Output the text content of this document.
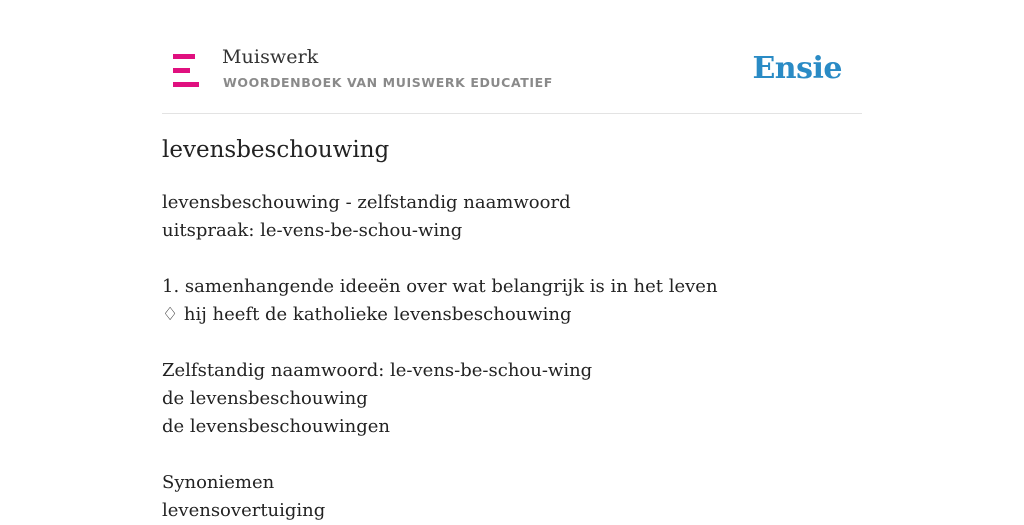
Muiswerk
WOORDENBOEK VAN MUISWERK EDUCATIEF	Ensie
levensbeschouwing
levensbeschouwing - zelfstandig naamwoord
uitspraak: le-vens-be-schou-wing
1. samenhangende ideeën over wat belangrijk is in het leven
♢ hij heeft de katholieke levensbeschouwing
Zelfstandig naamwoord: le-vens-be-schou-wing
de levensbeschouwing
de levensbeschouwingen
Synoniemen
levensovertuiging
